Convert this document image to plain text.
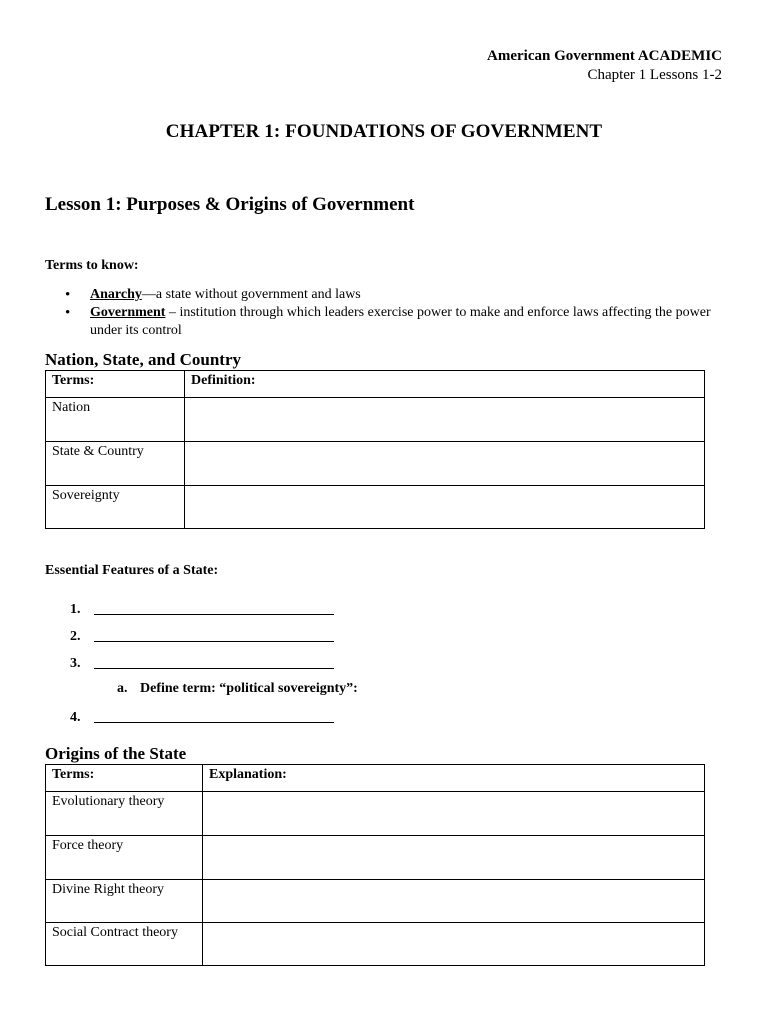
American Government ACADEMIC
Chapter 1 Lessons 1-2
CHAPTER 1: FOUNDATIONS OF GOVERNMENT
Lesson 1: Purposes & Origins of Government
Terms to know:
• Anarchy—a state without government and laws
• Government – institution through which leaders exercise power to make and enforce laws affecting the power under its control
Nation, State, and Country
Terms:	Definition:
Nation	
State & Country	
Sovereignty	
Essential Features of a State:
1.
2.
3.
a. Define term: “political sovereignty”:
4.
Origins of the State
Terms:	Explanation:
Evolutionary theory	
Force theory	
Divine Right theory	
Social Contract theory	
